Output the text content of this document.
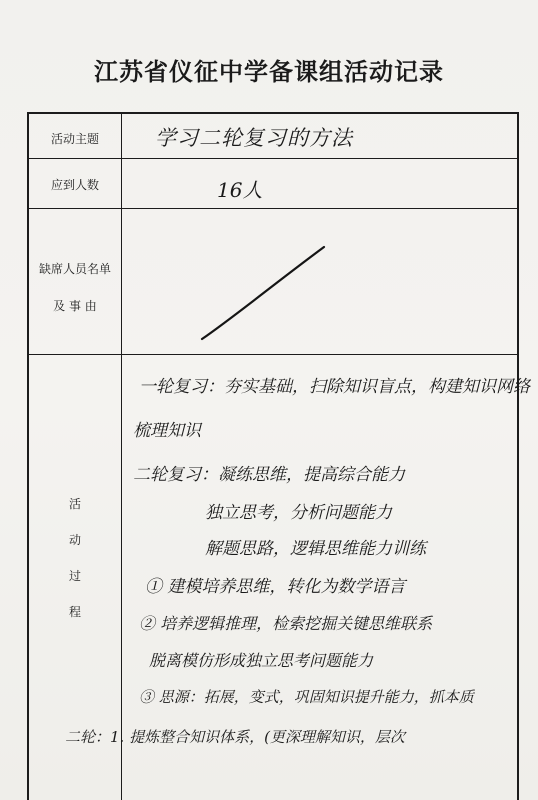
江苏省仪征中学备课组活动记录
活动主题	学习二轮复习的方法
应到人数	16人
缺席人员名单
及 事 由
活
动
过
程
一轮复习：夯实基础，扫除知识盲点，构建知识网络
梳理知识
二轮复习：凝练思维，提高综合能力
独立思考，分析问题能力
解题思路，逻辑思维能力训练
① 建模培养思维，转化为数学语言
② 培养逻辑推理，检索挖掘关键思维联系
脱离模仿形成独立思考问题能力
③ 思源：拓展，变式，巩固知识提升能力，抓本质
二轮：1. 提炼整合知识体系，(更深理解知识，层次
